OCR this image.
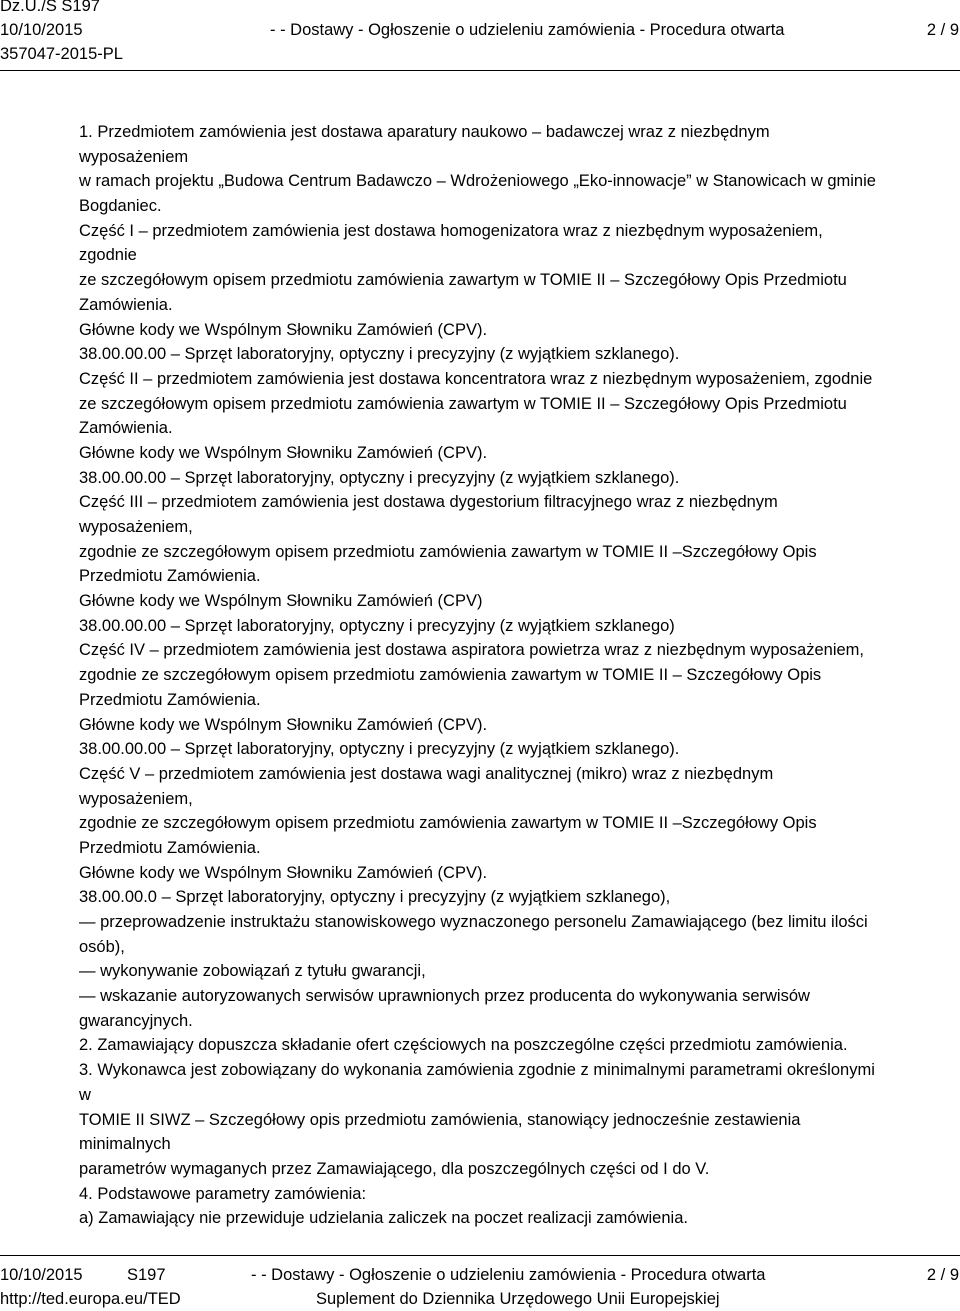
Dz.U./S S197
10/10/2015
357047-2015-PL
- - Dostawy - Ogłoszenie o udzieleniu zamówienia - Procedura otwarta	2 / 9
1. Przedmiotem zamówienia jest dostawa aparatury naukowo – badawczej wraz z niezbędnym
wyposażeniem
w ramach projektu „Budowa Centrum Badawczo – Wdrożeniowego „Eko-innowacje” w Stanowicach w gminie
Bogdaniec.
Część I – przedmiotem zamówienia jest dostawa homogenizatora wraz z niezbędnym wyposażeniem,
zgodnie
ze szczegółowym opisem przedmiotu zamówienia zawartym w TOMIE II – Szczegółowy Opis Przedmiotu
Zamówienia.
Główne kody we Wspólnym Słowniku Zamówień (CPV).
38.00.00.00 – Sprzęt laboratoryjny, optyczny i precyzyjny (z wyjątkiem szklanego).
Część II – przedmiotem zamówienia jest dostawa koncentratora wraz z niezbędnym wyposażeniem, zgodnie
ze szczegółowym opisem przedmiotu zamówienia zawartym w TOMIE II – Szczegółowy Opis Przedmiotu
Zamówienia.
Główne kody we Wspólnym Słowniku Zamówień (CPV).
38.00.00.00 – Sprzęt laboratoryjny, optyczny i precyzyjny (z wyjątkiem szklanego).
Część III – przedmiotem zamówienia jest dostawa dygestorium filtracyjnego wraz z niezbędnym
wyposażeniem,
zgodnie ze szczegółowym opisem przedmiotu zamówienia zawartym w TOMIE II –Szczegółowy Opis
Przedmiotu Zamówienia.
Główne kody we Wspólnym Słowniku Zamówień (CPV)
38.00.00.00 – Sprzęt laboratoryjny, optyczny i precyzyjny (z wyjątkiem szklanego)
Część IV – przedmiotem zamówienia jest dostawa aspiratora powietrza wraz z niezbędnym wyposażeniem,
zgodnie ze szczegółowym opisem przedmiotu zamówienia zawartym w TOMIE II – Szczegółowy Opis
Przedmiotu Zamówienia.
Główne kody we Wspólnym Słowniku Zamówień (CPV).
38.00.00.00 – Sprzęt laboratoryjny, optyczny i precyzyjny (z wyjątkiem szklanego).
Część V – przedmiotem zamówienia jest dostawa wagi analitycznej (mikro) wraz z niezbędnym
wyposażeniem,
zgodnie ze szczegółowym opisem przedmiotu zamówienia zawartym w TOMIE II –Szczegółowy Opis
Przedmiotu Zamówienia.
Główne kody we Wspólnym Słowniku Zamówień (CPV).
38.00.00.0 – Sprzęt laboratoryjny, optyczny i precyzyjny (z wyjątkiem szklanego),
— przeprowadzenie instruktażu stanowiskowego wyznaczonego personelu Zamawiającego (bez limitu ilości
osób),
— wykonywanie zobowiązań z tytułu gwarancji,
— wskazanie autoryzowanych serwisów uprawnionych przez producenta do wykonywania serwisów
gwarancyjnych.
2. Zamawiający dopuszcza składanie ofert częściowych na poszczególne części przedmiotu zamówienia.
3. Wykonawca jest zobowiązany do wykonania zamówienia zgodnie z minimalnymi parametrami określonymi
w
TOMIE II SIWZ – Szczegółowy opis przedmiotu zamówienia, stanowiący jednocześnie zestawienia
minimalnych
parametrów wymaganych przez Zamawiającego, dla poszczególnych części od I do V.
4. Podstawowe parametry zamówienia:
a) Zamawiający nie przewiduje udzielania zaliczek na poczet realizacji zamówienia.
10/10/2015	S197	- - Dostawy - Ogłoszenie o udzieleniu zamówienia - Procedura otwarta	2 / 9
http://ted.europa.eu/TED	Suplement do Dziennika Urzędowego Unii Europejskiej
